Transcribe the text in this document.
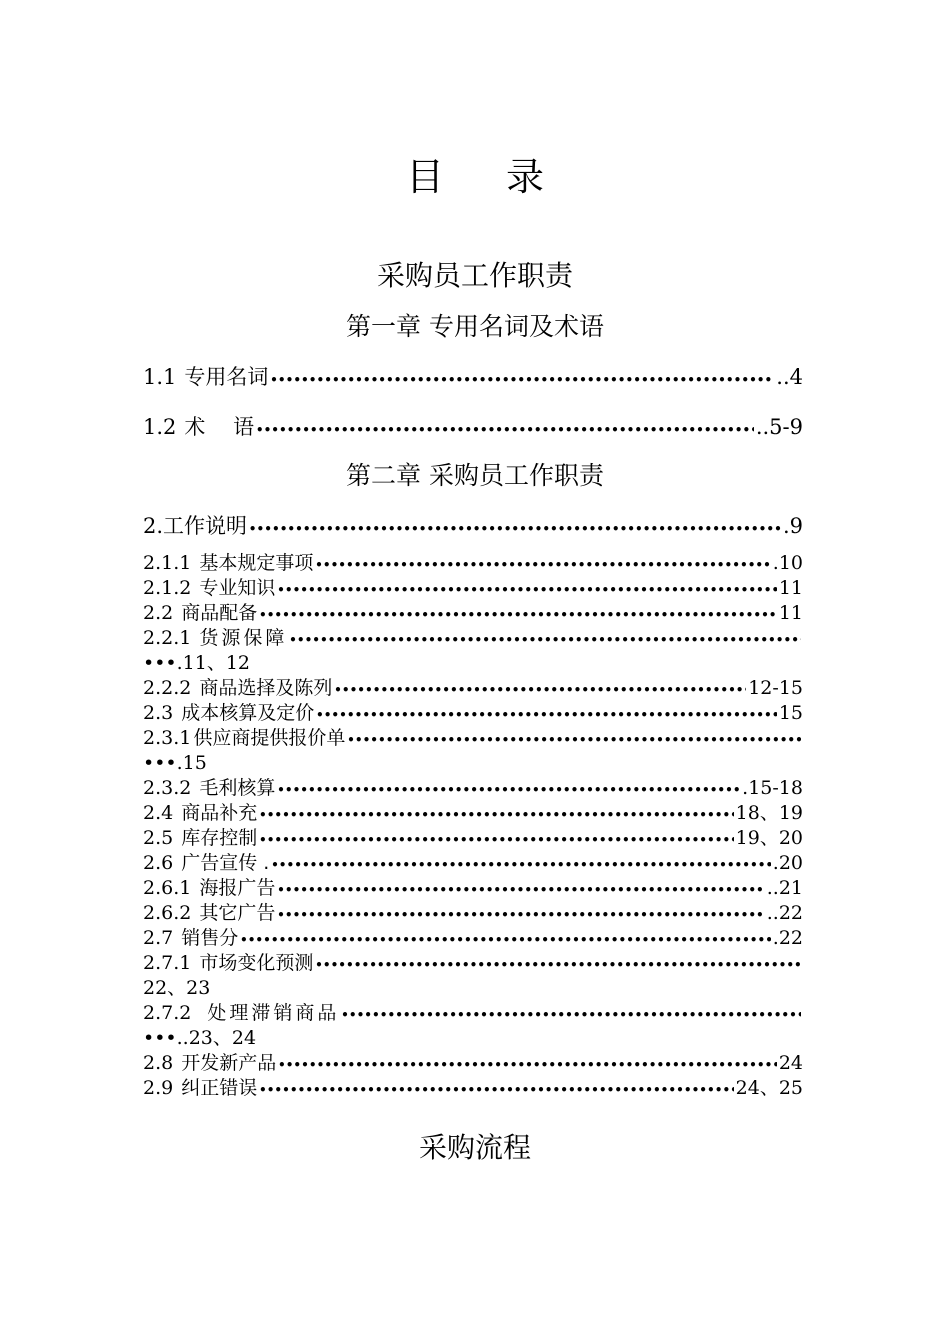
目录
采购员工作职责
第一章 专用名词及术语
1.1 专用名词 •••••	..4
1.2 术　 语 •••••	..5-9
第二章 采购员工作职责
2. 工作说明 •••••	.9
2.1.1 基本规定事项 •••••	.10
2.1.2 专业知识 •••••	11
2.2 商品配备 •••••	11
2.2.1 货源保障
•••••
•••.11、12
2.2.2 商品选择及陈列 •••••	12-15
2.3 成本核算及定价 •••••	15
2.3.1 供应商提供报价单
•••••
•••.15
2.3.2 毛利核算 •••••	.15-18
2.4 商品补充 •••••	18、19
2.5 库存控制 •••••	19、20
2.6 广告宣传 . •••••	.20
2.6.1 海报广告 •••••	..21
2.6.2 其它广告 •••••	..22
2.7 销售分 •••••	.22
2.7.1 市场变化预测
•••••
22、23
2.7.2 处理滞销商品
•••••
•••..23、24
2.8 开发新产品 •••••	24
2.9 纠正错误 •••••	24、25
采购流程
